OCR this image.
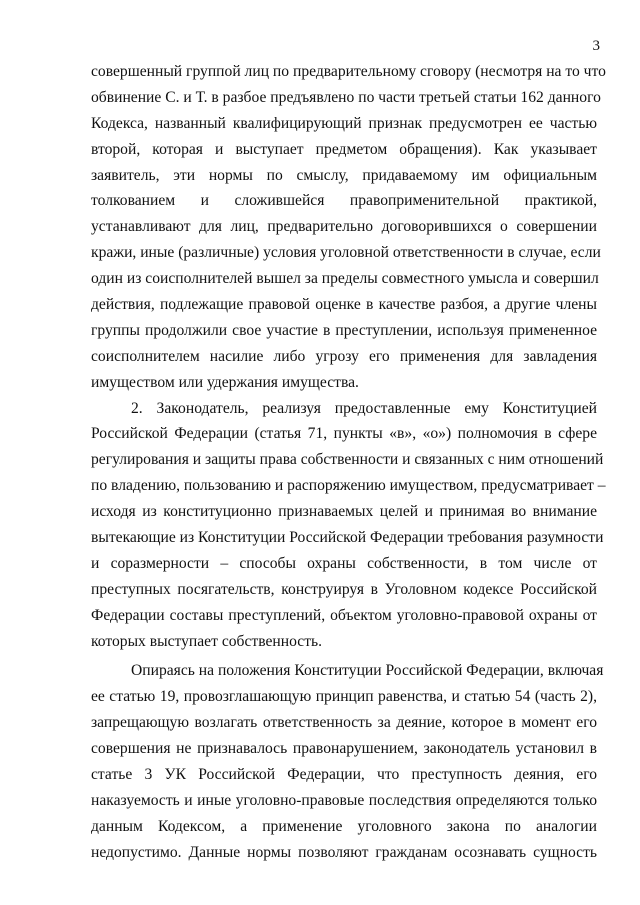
3
совершенный группой лиц по предварительному сговору (несмотря на то что
обвинение С. и Т. в разбое предъявлено по части третьей статьи 162 данного
Кодекса, названный квалифицирующий признак предусмотрен ее частью
второй, которая и выступает предметом обращения). Как указывает
заявитель, эти нормы по смыслу, придаваемому им официальным
толкованием и сложившейся правоприменительной практикой,
устанавливают для лиц, предварительно договорившихся о совершении
кражи, иные (различные) условия уголовной ответственности в случае, если
один из соисполнителей вышел за пределы совместного умысла и совершил
действия, подлежащие правовой оценке в качестве разбоя, а другие члены
группы продолжили свое участие в преступлении, используя примененное
соисполнителем насилие либо угрозу его применения для завладения
имуществом или удержания имущества.
2. Законодатель, реализуя предоставленные ему Конституцией
Российской Федерации (статья 71, пункты «в», «о») полномочия в сфере
регулирования и защиты права собственности и связанных с ним отношений
по владению, пользованию и распоряжению имуществом, предусматривает –
исходя из конституционно признаваемых целей и принимая во внимание
вытекающие из Конституции Российской Федерации требования разумности
и соразмерности – способы охраны собственности, в том числе от
преступных посягательств, конструируя в Уголовном кодексе Российской
Федерации составы преступлений, объектом уголовно-правовой охраны от
которых выступает собственность.
Опираясь на положения Конституции Российской Федерации, включая
ее статью 19, провозглашающую принцип равенства, и статью 54 (часть 2),
запрещающую возлагать ответственность за деяние, которое в момент его
совершения не признавалось правонарушением, законодатель установил в
статье 3 УК Российской Федерации, что преступность деяния, его
наказуемость и иные уголовно-правовые последствия определяются только
данным Кодексом, а применение уголовного закона по аналогии
недопустимо. Данные нормы позволяют гражданам осознавать сущность
